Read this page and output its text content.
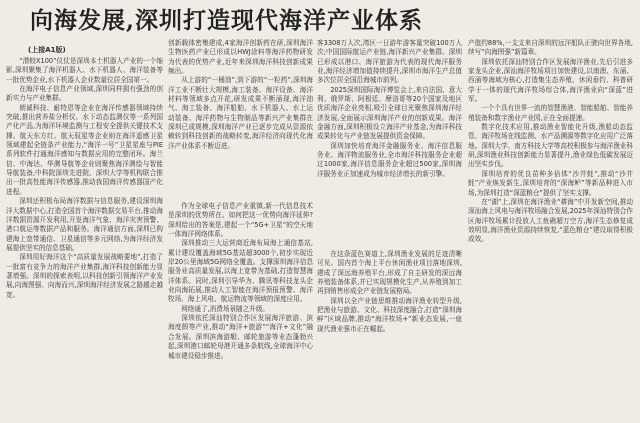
向海发展,深圳打造现代海洋产业体系
(上接A1版)

“潜蛟X100”仪仗是深圳本土机器人产业的一个缩影,深圳聚集了海洋机器人、水下机器人、海洋装备等一批优势企业,水下机器人企业数量位居全国第一。

在海洋电子信息产业领域,深圳同样拥有强劲的创新实力与产业集群。

朗诚科技、耐特恩等企业在海洋传感器领域持续突破,推出营养盐分析仪、水下动态监测仪等一系列国产化产品,为海洋环境监测与工程安全提供关键技术支撑。航天东方红、航天驭星等企业则在海洋遥感卫星领域建起全链条产业能力,“海洋一号”卫星星座与PIE系列软件打通海洋感知与数据应用的完整闭环。海兰信、中海达、华测导航等企业则聚焦海洋测绘与智能导航装备,中科院深圳先进院、深圳大学等机构联合推出一批高性能海洋传感器,推动我国海洋传感器国产化进程。

深圳还积极布局海洋数据与信息服务,建设深圳海洋大数据中心,打造全国首个海洋数据交易平台,推动海洋数据资源开发利用,开发海洋气象、海洋灾害预警、港口航运等数据产品和服务。海洋通信方面,深圳已构建海上宽带通信、卫星通信等多元网络,为海洋经济发展提供坚实的信息基础。

深圳用好海洋这个“高质量发展战略要地”,打造了一批富有竞争力的海洋产业集群,海洋科技创新能力显著增强。深圳的探索表明,以科技创新引领海洋产业发展,向海图强、向海而兴,深圳海洋经济发展之路越走越宽。

创新载体密集建成,4家海洋创新药在研,深圳海洋生物医药产业已形成以HWJ涂料等海洋药物研发为代表的优势产业,近年来深圳海洋科技创新成果频出。

从上游的“一桶油”,到下游的“一粒药”,深圳海洋工业不断壮大规模,海工装备、海洋设备、海洋材料等领域多点开花,研发成果不断涌现,海洋油气、海工装备、海洋船舶、水下机器人、水上运动装备、海洋药物与生物制品等新兴产业集群在深圳已成规模,深圳海洋产业已逐步完成从资源依赖转到科技创新的战略转变,海洋经济向现代化海洋产业体系不断迈进。

作为全球电子信息产业重镇,新一代信息技术是深圳的优势所在。如何把这一优势向海洋延伸?深圳给出的答案是,建起一个“5G+卫星”的空天地一体海洋网络体系。

深圳推动三大运营商近海布局海上通信基站,累计建设覆盖海域5G基站超3000个,初步实现近岸20公里海域5G网络全覆盖。支撑深圳海洋信息服务业高质量发展,以海上宽带为基础,打造智慧海洋体系。同时,深圳引导华为、腾讯等科技龙头企业向海拓展,推动人工智能在海洋预报预警、海洋牧场、海上风电、航运物流等领域的深度应用。

网络通了,消费场景随之升级。

深圳依托深汕特别合作区发展海洋旅游、滨海度假等产业,推动“海洋+旅游”“海洋+文化”融合发展。深圳滨海游艇、邮轮旅游等业态蓬勃兴起,深圳港口邮轮母港开通多条航线,全球海洋中心城市建设稳步推进。

客3308万人次,湾区一日游年游客量突破100万人次;中国国际航运产业链,海洋新兴产业集群、深圳已形成以港口、海洋旅游为代表的现代海洋服务业,海洋经济增加值持续提升,深圳市海洋生产总值多次位居全国沿海城市前列。

2025深圳国际海洋博览会上,来自法国、意大利、俄罗斯、阿根廷、摩洛哥等20个国家及地区优质海洋企业亮相,吸引全球目光聚焦深圳海洋经济发展,全面展示深圳海洋产业的创新成果。海洋金融方面,深圳积极设立海洋产业基金,为海洋科技成果转化与产业链发展提供资金保障。

深圳加快培育海洋金融服务业、海洋信息服务业、海洋物流服务业,全市海洋科技服务企业超过1000家,海洋信息服务企业超过500家,深圳海洋服务业正加速成为城市经济增长的新引擎。

在这条蓝色赛道上,深圳渔业发展的足迹清晰可见。国内首个海上平台休闲渔业项目落地深圳,建成了深远海养殖平台,形成了自主研发的深远海养殖装备体系,并已实现规模化生产,从养殖到加工再到销售形成全产业链发展格局。

深圳以全产业链思维推动海洋渔业转型升级,把渔业与旅游、文化、科技深度融合,打造“深圳海鲜”区域品牌,推动“海洋牧场+”新业态发展,一座现代渔业强市正在崛起。

产值约88%,一支支来自深圳的远洋船队正驶向世界各地,续写“向海图强”新篇章。

深圳依托深汕特别合作区发展海洋渔业,先后引进多家龙头企业,深汕海洋牧场项目加快建设,以南澳、东涌、西涌等海域为核心,打造集生态养殖、休闲垂钓、科普研学于一体的现代海洋牧场综合体,海洋渔业向“深蓝”进军。

一个个具有世界一流的智慧渔港、智能船舶、智能养殖装备和数字渔业产业园,正在全面提速。

数字化技术应用,推动渔业智能化升级,渔船动态监管、海洋牧场在线监测、水产品溯源等数字化应用广泛落地。深圳大学、南方科技大学等高校积极参与海洋渔业科研,深圳渔业科技创新能力显著提升,渔业绿色低碳发展迈出坚实步伐。

深圳培育的优良苗种多倍体“沙井蚝”,推动“沙井蚝”产业焕发新生,深圳培育的“深海鲈”等新品种进入市场,为深圳打造“深蓝粮仓”提供了坚实支撑。

在“湖”上,深圳在海洋渔业“耕海”中开发新空间,推动深汕海上风电与海洋牧场融合发展,2025年深汕特别合作区海洋牧场累计投放人工鱼礁超万空方,海洋生态修复成效明显,海洋渔业资源持续恢复,“蓝色粮仓”建设取得积极成效。
